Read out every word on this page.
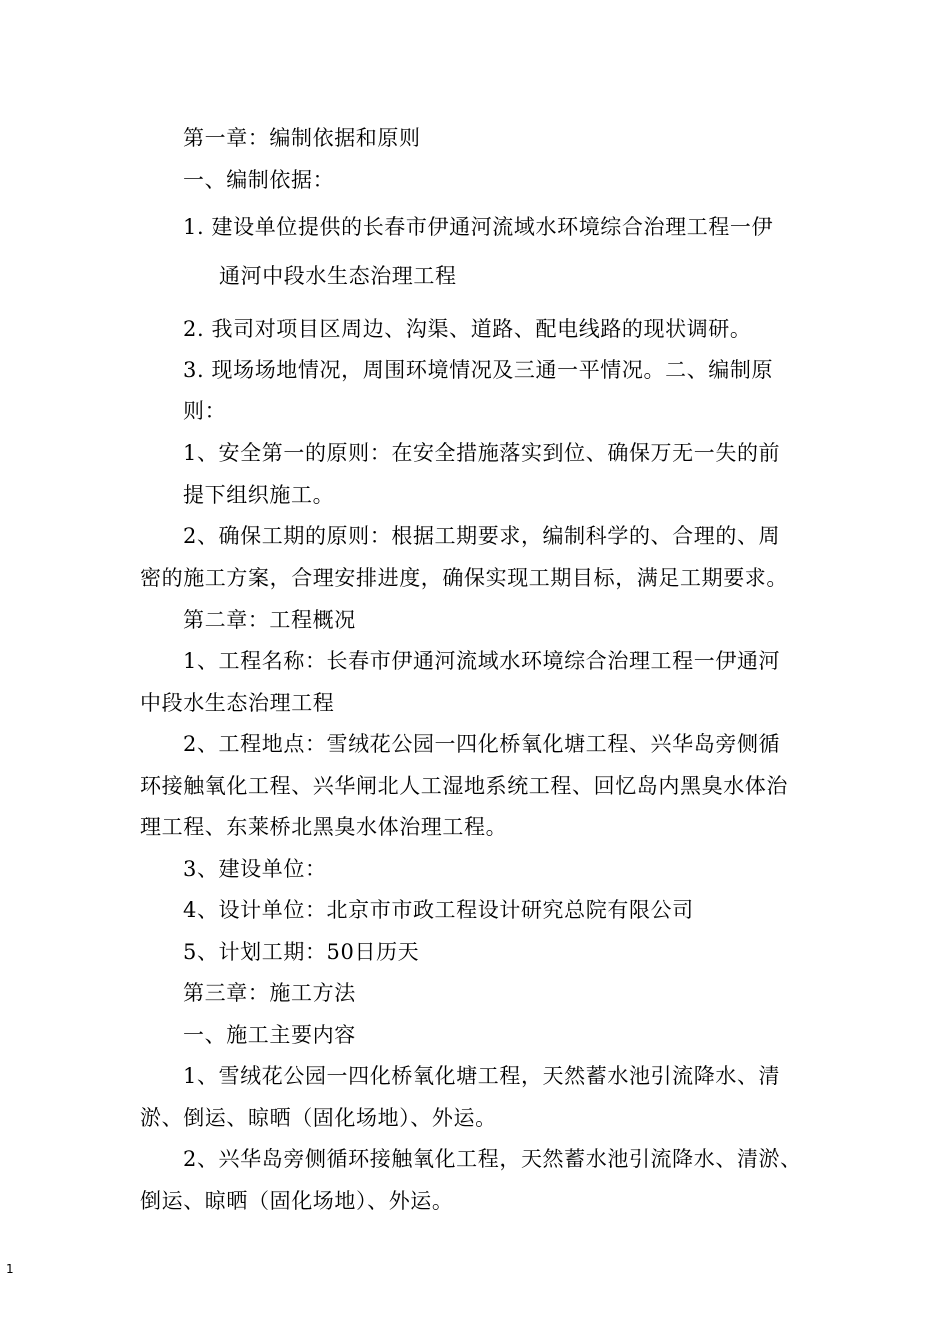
第一章：编制依据和原则
一、编制依据：
1. 建设单位提供的长春市伊通河流域水环境综合治理工程一伊
通河中段水生态治理工程
2. 我司对项目区周边、沟渠、道路、配电线路的现状调研。
3. 现场场地情况，周围环境情况及三通一平情况。二、编制原
则：
1、安全第一的原则：在安全措施落实到位、确保万无一失的前
提下组织施工。
2、确保工期的原则：根据工期要求，编制科学的、合理的、周
密的施工方案，合理安排进度，确保实现工期目标，满足工期要求。
第二章：工程概况
1、工程名称：长春市伊通河流域水环境综合治理工程一伊通河
中段水生态治理工程
2、工程地点：雪绒花公园一四化桥氧化塘工程、兴华岛旁侧循
环接触氧化工程、兴华闸北人工湿地系统工程、回忆岛内黑臭水体治
理工程、东莱桥北黑臭水体治理工程。
3、建设单位：
4、设计单位：北京市市政工程设计研究总院有限公司
5、计划工期：50日历天
第三章：施工方法
一、施工主要内容
1、雪绒花公园一四化桥氧化塘工程，天然蓄水池引流降水、清
淤、倒运、晾晒（固化场地）、外运。
2、兴华岛旁侧循环接触氧化工程，天然蓄水池引流降水、清淤、
倒运、晾晒（固化场地）、外运。
1
